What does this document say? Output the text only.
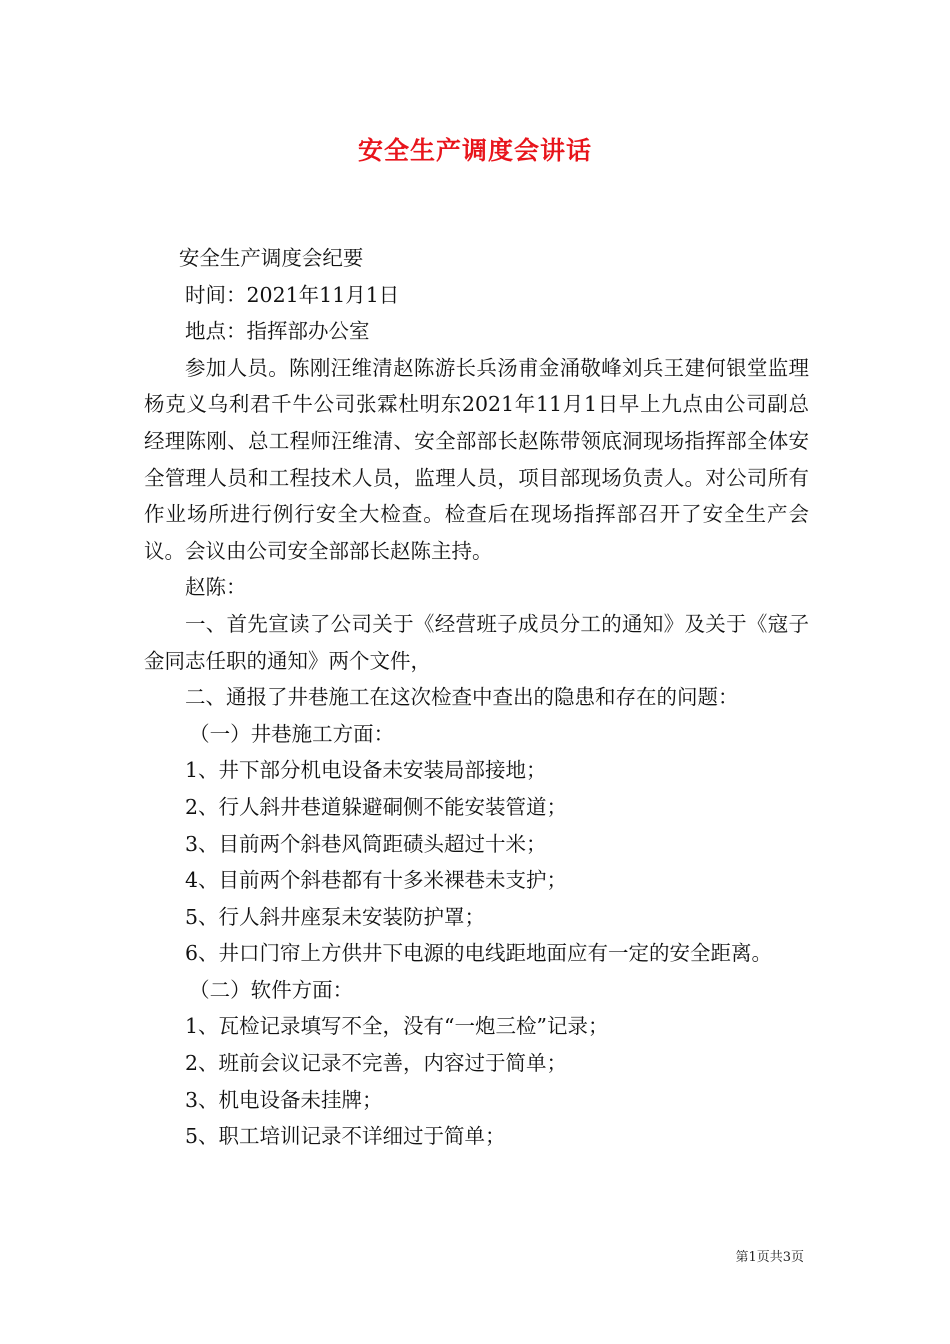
安全生产调度会讲话

安全生产调度会纪要

时间：2021年11月1日

地点：指挥部办公室

参加人员。陈刚汪维清赵陈游长兵汤甫金涌敬峰刘兵王建何银堂监理杨克义乌利君千牛公司张霖杜明东2021年11月1日早上九点由公司副总经理陈刚、总工程师汪维清、安全部部长赵陈带领底洞现场指挥部全体安全管理人员和工程技术人员，监理人员，项目部现场负责人。对公司所有作业场所进行例行安全大检查。检查后在现场指挥部召开了安全生产会议。会议由公司安全部部长赵陈主持。

赵陈：

一、首先宣读了公司关于《经营班子成员分工的通知》及关于《寇子金同志任职的通知》两个文件，

二、通报了井巷施工在这次检查中查出的隐患和存在的问题：

（一）井巷施工方面：

1、井下部分机电设备未安装局部接地；

2、行人斜井巷道躲避硐侧不能安装管道；

3、目前两个斜巷风筒距碛头超过十米；

4、目前两个斜巷都有十多米裸巷未支护；

5、行人斜井座泵未安装防护罩；

6、井口门帘上方供井下电源的电线距地面应有一定的安全距离。

（二）软件方面：

1、瓦检记录填写不全，没有“一炮三检”记录；

2、班前会议记录不完善，内容过于简单；

3、机电设备未挂牌；

5、职工培训记录不详细过于简单；

第1页共3页
